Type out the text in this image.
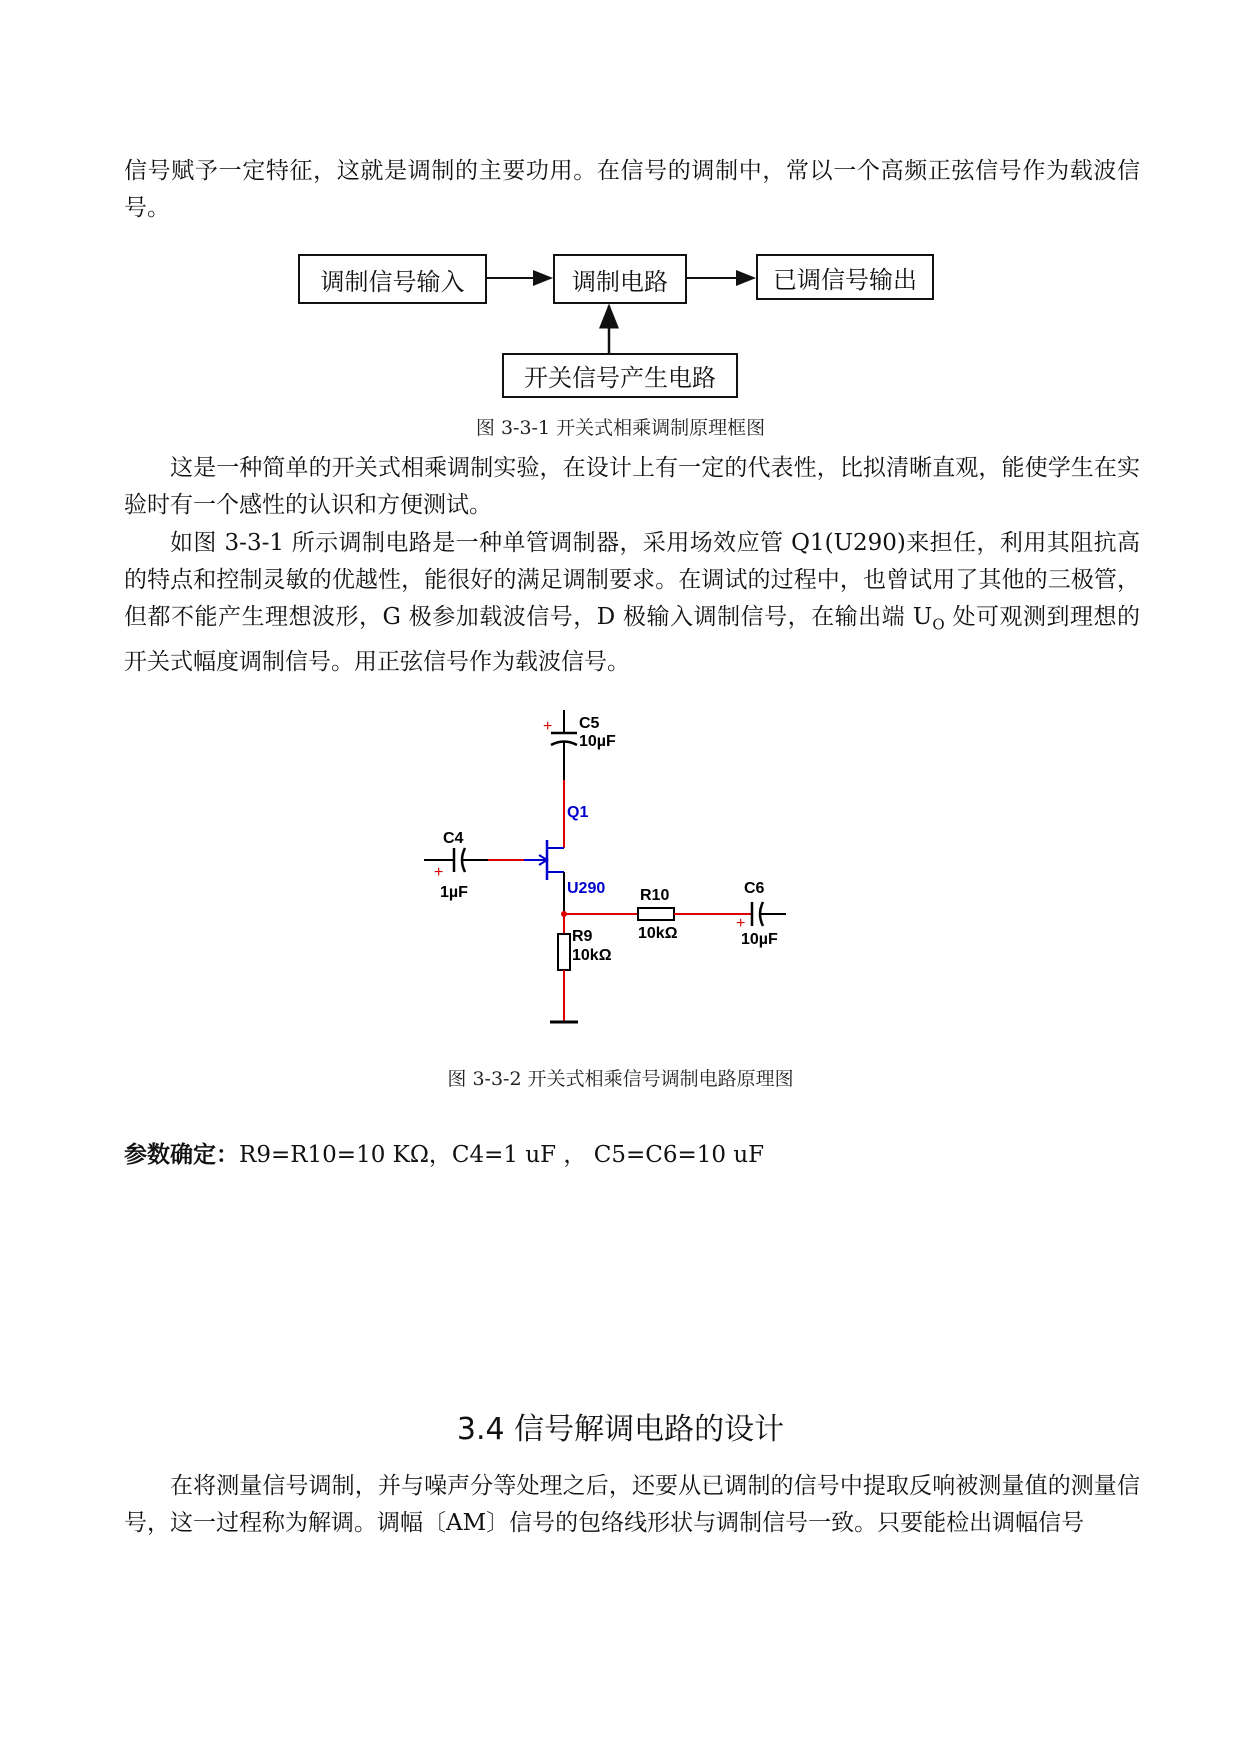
信号赋予一定特征，这就是调制的主要功用。在信号的调制中，常以一个高频正弦信号作为载波信号。

调制信号输入	调制电路	已调信号输出
开关信号产生电路
图 3-3-1 开关式相乘调制原理框图

这是一种简单的开关式相乘调制实验，在设计上有一定的代表性，比拟清晰直观，能使学生在实验时有一个感性的认识和方便测试。

如图 3-3-1 所示调制电路是一种单管调制器，采用场效应管 Q1(U290)来担任，利用其阻抗高的特点和控制灵敏的优越性，能很好的满足调制要求。在调试的过程中，也曾试用了其他的三极管，但都不能产生理想波形，G 极参加载波信号，D 极输入调制信号，在输出端 $U_O$ 处可观测到理想的开关式幅度调制信号。用正弦信号作为载波信号。

+ C5
10µF
Q1
U290
C4
+
1µF	R10
10kΩ
C6
+
10µF
R9
10kΩ
图 3-3-2 开关式相乘信号调制电路原理图
参数确定：R9=R10=10 KΩ，C4=1 uF ， C5=C6=10 uF
3.4 信号解调电路的设计

在将测量信号调制，并与噪声分等处理之后，还要从已调制的信号中提取反响被测量值的测量信号，这一过程称为解调。调幅〔AM〕信号的包络线形状与调制信号一致。只要能检出调幅信号
